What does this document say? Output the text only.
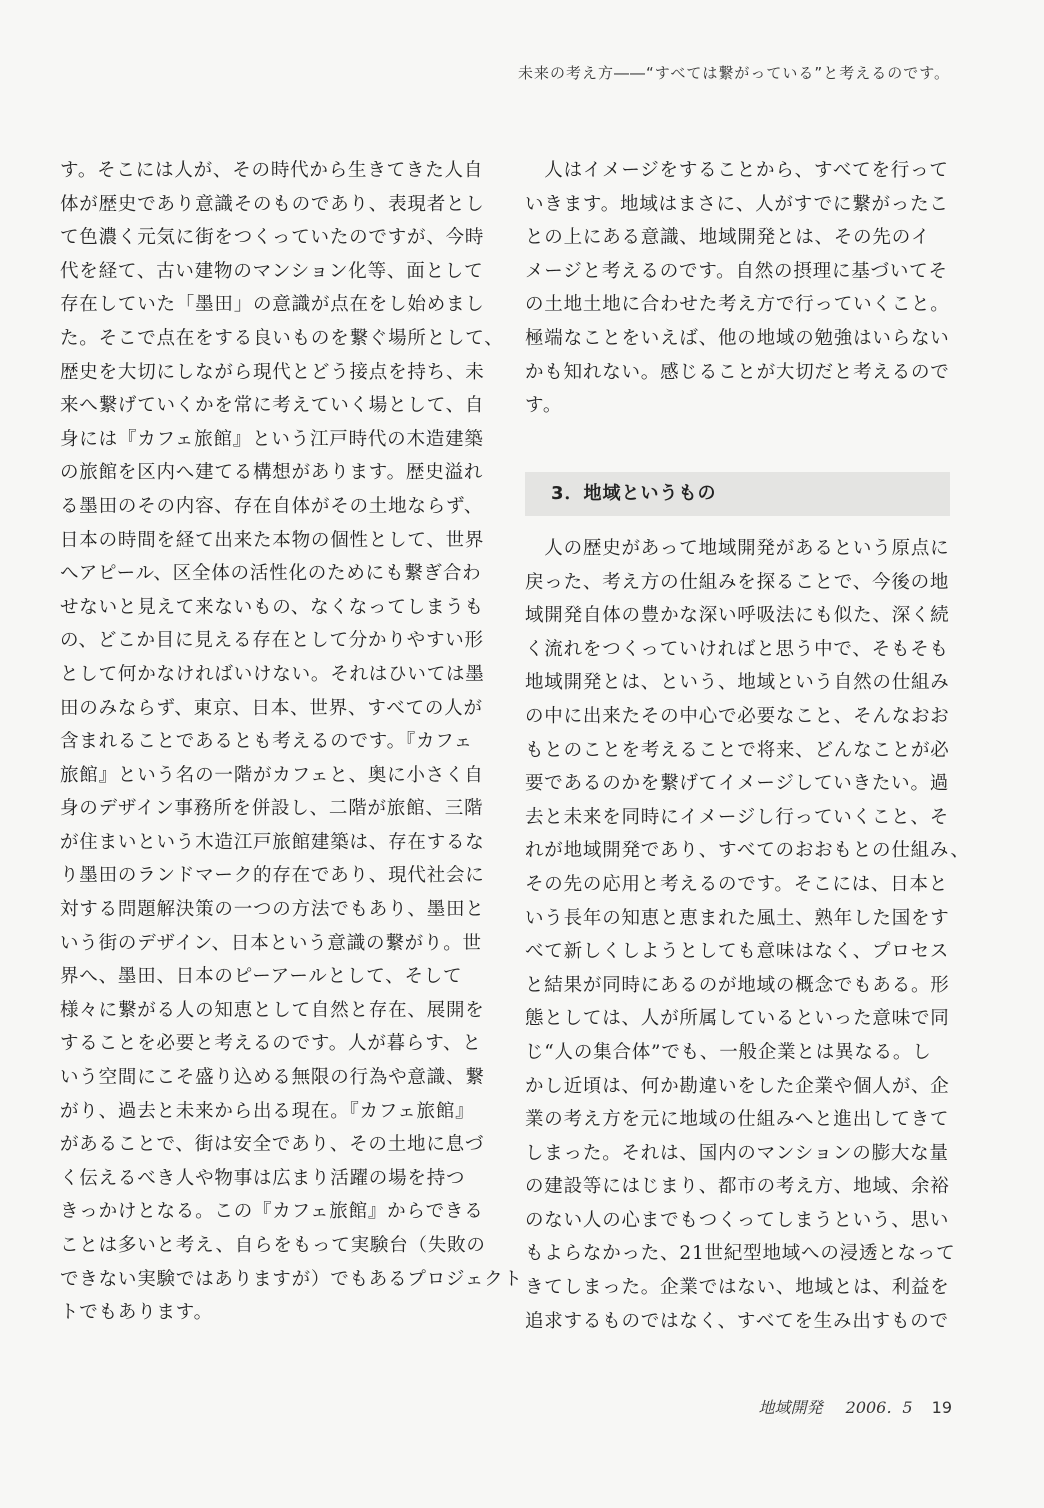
未来の考え方――“すべては繋がっている”と考えるのです。
す。そこには人が、その時代から生きてきた人自
体が歴史であり意識そのものであり、表現者とし
て色濃く元気に街をつくっていたのですが、今時
代を経て、古い建物のマンション化等、面として
存在していた「墨田」の意識が点在をし始めまし
た。そこで点在をする良いものを繋ぐ場所として、
歴史を大切にしながら現代とどう接点を持ち、未
来へ繋げていくかを常に考えていく場として、自
身には『カフェ旅館』という江戸時代の木造建築
の旅館を区内へ建てる構想があります。歴史溢れ
る墨田のその内容、存在自体がその土地ならず、
日本の時間を経て出来た本物の個性として、世界
へアピール、区全体の活性化のためにも繋ぎ合わ
せないと見えて来ないもの、なくなってしまうも
の、どこか目に見える存在として分かりやすい形
として何かなければいけない。それはひいては墨
田のみならず、東京、日本、世界、すべての人が
含まれることであるとも考えるのです。『カフェ
旅館』という名の一階がカフェと、奥に小さく自
身のデザイン事務所を併設し、二階が旅館、三階
が住まいという木造江戸旅館建築は、存在するな
り墨田のランドマーク的存在であり、現代社会に
対する問題解決策の一つの方法でもあり、墨田と
いう街のデザイン、日本という意識の繋がり。世
界へ、墨田、日本のピーアールとして、そして
様々に繋がる人の知恵として自然と存在、展開を
することを必要と考えるのです。人が暮らす、と
いう空間にこそ盛り込める無限の行為や意識、繋
がり、過去と未来から出る現在。『カフェ旅館』
があることで、街は安全であり、その土地に息づ
く伝えるべき人や物事は広まり活躍の場を持つ
きっかけとなる。この『カフェ旅館』からできる
ことは多いと考え、自らをもって実験台（失敗の
できない実験ではありますが）でもあるプロジェクト
トでもあります。
　人はイメージをすることから、すべてを行って
いきます。地域はまさに、人がすでに繋がったこ
との上にある意識、地域開発とは、その先のイ
メージと考えるのです。自然の摂理に基づいてそ
の土地土地に合わせた考え方で行っていくこと。
極端なことをいえば、他の地域の勉強はいらない
かも知れない。感じることが大切だと考えるので
す。
3．地域というもの
　人の歴史があって地域開発があるという原点に
戻った、考え方の仕組みを探ることで、今後の地
域開発自体の豊かな深い呼吸法にも似た、深く続
く流れをつくっていければと思う中で、そもそも
地域開発とは、という、地域という自然の仕組み
の中に出来たその中心で必要なこと、そんなおお
もとのことを考えることで将来、どんなことが必
要であるのかを繋げてイメージしていきたい。過
去と未来を同時にイメージし行っていくこと、そ
れが地域開発であり、すべてのおおもとの仕組み、
その先の応用と考えるのです。そこには、日本と
いう長年の知恵と恵まれた風土、熟年した国をす
べて新しくしようとしても意味はなく、プロセス
と結果が同時にあるのが地域の概念でもある。形
態としては、人が所属しているといった意味で同
じ“人の集合体”でも、一般企業とは異なる。し
かし近頃は、何か勘違いをした企業や個人が、企
業の考え方を元に地域の仕組みへと進出してきて
しまった。それは、国内のマンションの膨大な量
の建設等にはじまり、都市の考え方、地域、余裕
のない人の心までもつくってしまうという、思い
もよらなかった、21世紀型地域への浸透となって
きてしまった。企業ではない、地域とは、利益を
追求するものではなく、すべてを生み出すもので
地域開発 2006．5 19
